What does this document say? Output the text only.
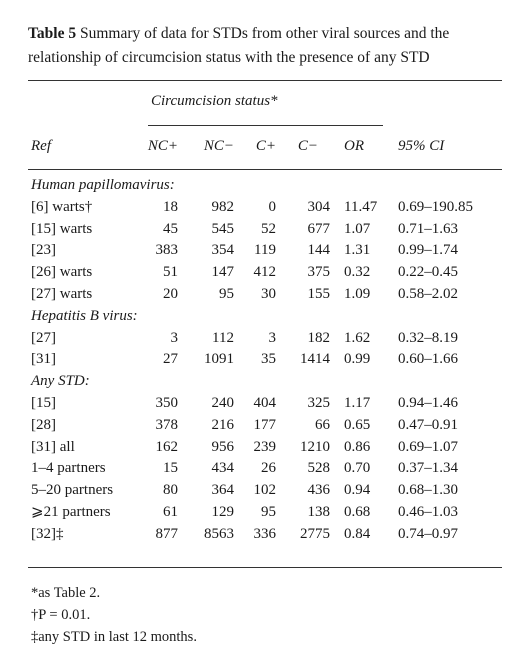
Table 5 Summary of data for STDs from other viral sources and the relationship of circumcision status with the presence of any STD

Circumcision status*
Ref	NC+	NC−	C+	C− OR 95% CI
Human papillomavirus:
[6] warts†	18	982	0	304 11.47 0.69–190.85
[15] warts	45	545	52	677 1.07 0.71–1.63
[23]	383	354	119	144 1.31 0.99–1.74
[26] warts	51	147	412	375 0.32 0.22–0.45
[27] warts	20	95	30	155 1.09 0.58–2.02
Hepatitis B virus:
[27]	3	112	3	182 1.62 0.32–8.19
[31]	27	1091	35	1414 0.99 0.60–1.66
Any STD:
[15]	350	240	404	325 1.17 0.94–1.46
[28]	378	216	177	66 0.65 0.47–0.91
[31] all	162	956	239	1210 0.86 0.69–1.07
1–4 partners	15	434	26	528 0.70 0.37–1.34
5–20 partners	80	364	102	436 0.94 0.68–1.30
⩾21 partners	61	129	95	138 0.68 0.46–1.03
[32]‡	877	8563	336	2775 0.84 0.74–0.97
*as Table 2.
†P = 0.01.
‡any STD in last 12 months.
